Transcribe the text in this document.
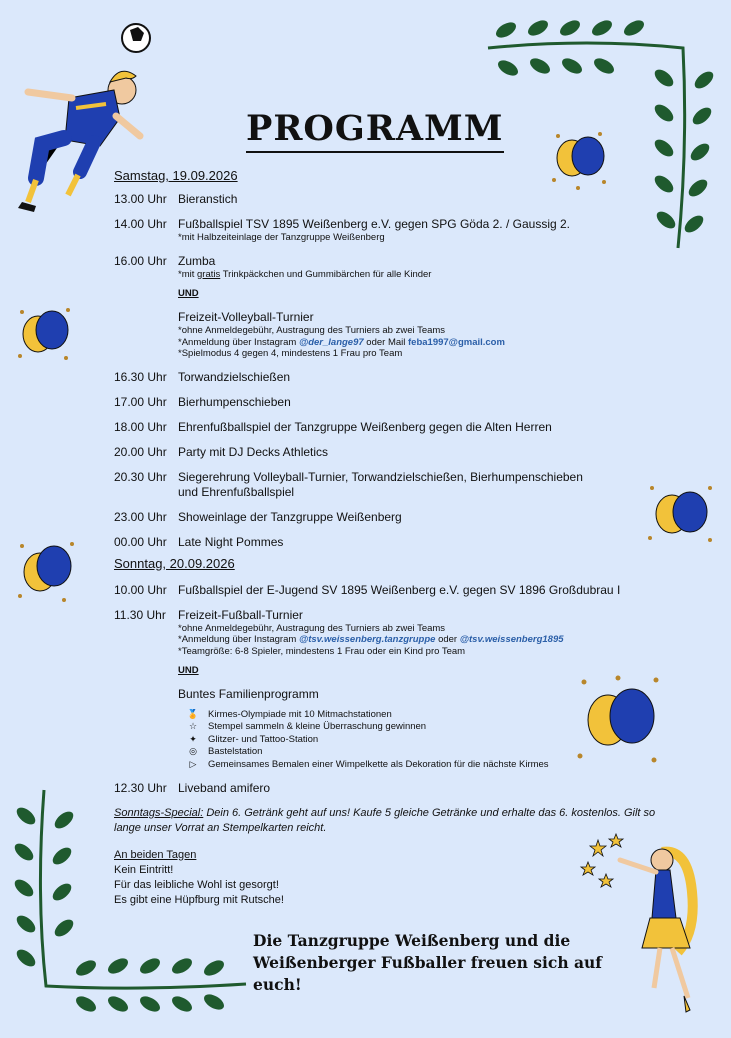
PROGRAMM
Samstag, 19.09.2026
13.00 Uhr Bieranstich
14.00 Uhr Fußballspiel TSV 1895 Weißenberg e.V. gegen SPG Göda 2. / Gaussig 2.
*mit Halbzeiteinlage der Tanzgruppe Weißenberg
16.00 Uhr Zumba
*mit gratis Trinkpäckchen und Gummibärchen für alle Kinder
UND
Freizeit-Volleyball-Turnier
*ohne Anmeldegebühr, Austragung des Turniers ab zwei Teams
*Anmeldung über Instagram @der_lange97 oder Mail feba1997@gmail.com
*Spielmodus 4 gegen 4, mindestens 1 Frau pro Team
16.30 Uhr Torwandzielschießen
17.00 Uhr Bierhumpenschieben
18.00 Uhr Ehrenfußballspiel der Tanzgruppe Weißenberg gegen die Alten Herren
20.00 Uhr Party mit DJ Decks Athletics
20.30 Uhr Siegerehrung Volleyball-Turnier, Torwandzielschießen, Bierhumpenschieben
und Ehrenfußballspiel
23.00 Uhr Showeinlage der Tanzgruppe Weißenberg
00.00 Uhr Late Night Pommes
Sonntag, 20.09.2026
10.00 Uhr Fußballspiel der E-Jugend SV 1895 Weißenberg e.V. gegen SV 1896 Großdubrau I
11.30 Uhr	Freizeit-Fußball-Turnier
*ohne Anmeldegebühr, Austragung des Turniers ab zwei Teams
*Anmeldung über Instagram @tsv.weissenberg.tanzgruppe oder @tsv.weissenberg1895
*Teamgröße: 6-8 Spieler, mindestens 1 Frau oder ein Kind pro Team
UND
Buntes Familienprogramm
🏅 Kirmes-Olympiade mit 10 Mitmachstationen
☆	Stempel sammeln & kleine Überraschung gewinnen
✦	Glitzer- und Tattoo-Station
◎	Bastelstation
▷	Gemeinsames Bemalen einer Wimpelkette als Dekoration für die nächste Kirmes
12.30 Uhr Liveband amifero
Sonntags-Special: Dein 6. Getränk geht auf uns! Kaufe 5 gleiche Getränke und erhalte das 6. kostenlos. Gilt so lange unser Vorrat an Stempelkarten reicht.
An beiden Tagen
Kein Eintritt!
Für das leibliche Wohl ist gesorgt!
Es gibt eine Hüpfburg mit Rutsche!
Die Tanzgruppe Weißenberg und die
Weißenberger Fußballer freuen sich auf euch!
